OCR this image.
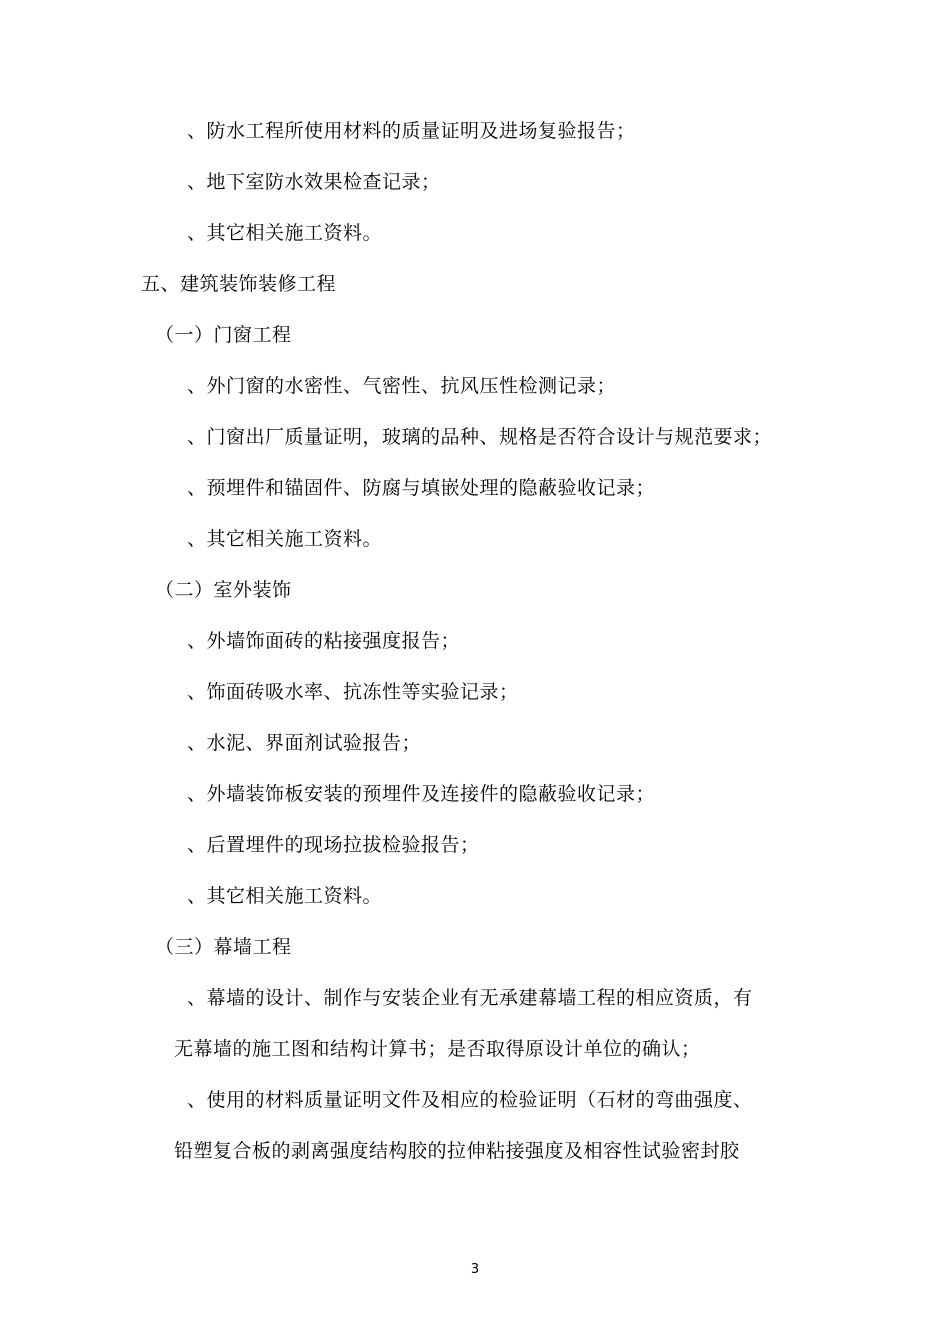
、防水工程所使用材料的质量证明及进场复验报告；
、地下室防水效果检查记录；
、其它相关施工资料。
五、建筑装饰装修工程
（一）门窗工程
、外门窗的水密性、气密性、抗风压性检测记录；
、门窗出厂质量证明，玻璃的品种、规格是否符合设计与规范要求；
、预埋件和锚固件、防腐与填嵌处理的隐蔽验收记录；
、其它相关施工资料。
（二）室外装饰
、外墙饰面砖的粘接强度报告；
、饰面砖吸水率、抗冻性等实验记录；
、水泥、界面剂试验报告；
、外墙装饰板安装的预埋件及连接件的隐蔽验收记录；
、后置埋件的现场拉拔检验报告；
、其它相关施工资料。
（三）幕墙工程
、幕墙的设计、制作与安装企业有无承建幕墙工程的相应资质，有
无幕墙的施工图和结构计算书；是否取得原设计单位的确认；
、使用的材料质量证明文件及相应的检验证明（石材的弯曲强度、
铅塑复合板的剥离强度结构胶的拉伸粘接强度及相容性试验密封胶
3
